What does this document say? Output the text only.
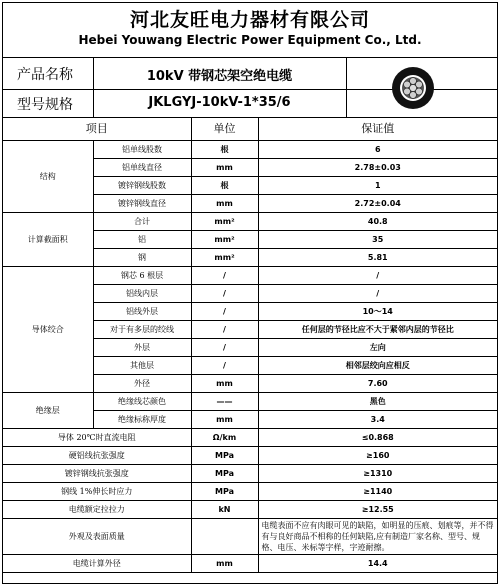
河北友旺电力器材有限公司
Hebei Youwang Electric Power Equipment Co., Ltd.
产品名称	10kV 带钢芯架空绝电缆
型号规格	JKLGYJ-10kV-1*35/6
项目		单位	保证值
结构	铝单线股数	根	6
	铝单线直径	mm	2.78±0.03
	镀锌钢线股数	根	1
	镀锌钢线直径	mm	2.72±0.04
计算截面积	合计	mm²	40.8
	铝	mm²	35
	钢	mm²	5.81
导体绞合	钢芯 6 根层	/	/
	铝线内层	/	/
	铝线外层	/	10～14
	对于有多层的绞线	/	任何层的节径比应不大于紧邻内层的节径比
	外层	/	左向
	其他层	/	相邻层绞向应相反
	外径	mm	7.60
绝缘层	绝缘线芯颜色	——	黑色
	绝缘标称厚度	mm	3.4
导体 20℃时直流电阻		Ω/km	≤0.868
硬铝线抗张强度		MPa	≥160
镀锌钢线抗张强度		MPa	≥1310
钢线 1%伸长时应力		MPa	≥1140
电缆额定拉拉力		kN	≥12.55
外观及表面质量			电缆表面不应有肉眼可见的缺陷，如明显的压痕、划痕等，并不得有与良好商品不相称的任何缺陷,应有制造厂家名称、型号、规格、电压、米标等字样，字迹耐擦。
电缆计算外径		mm	14.4
